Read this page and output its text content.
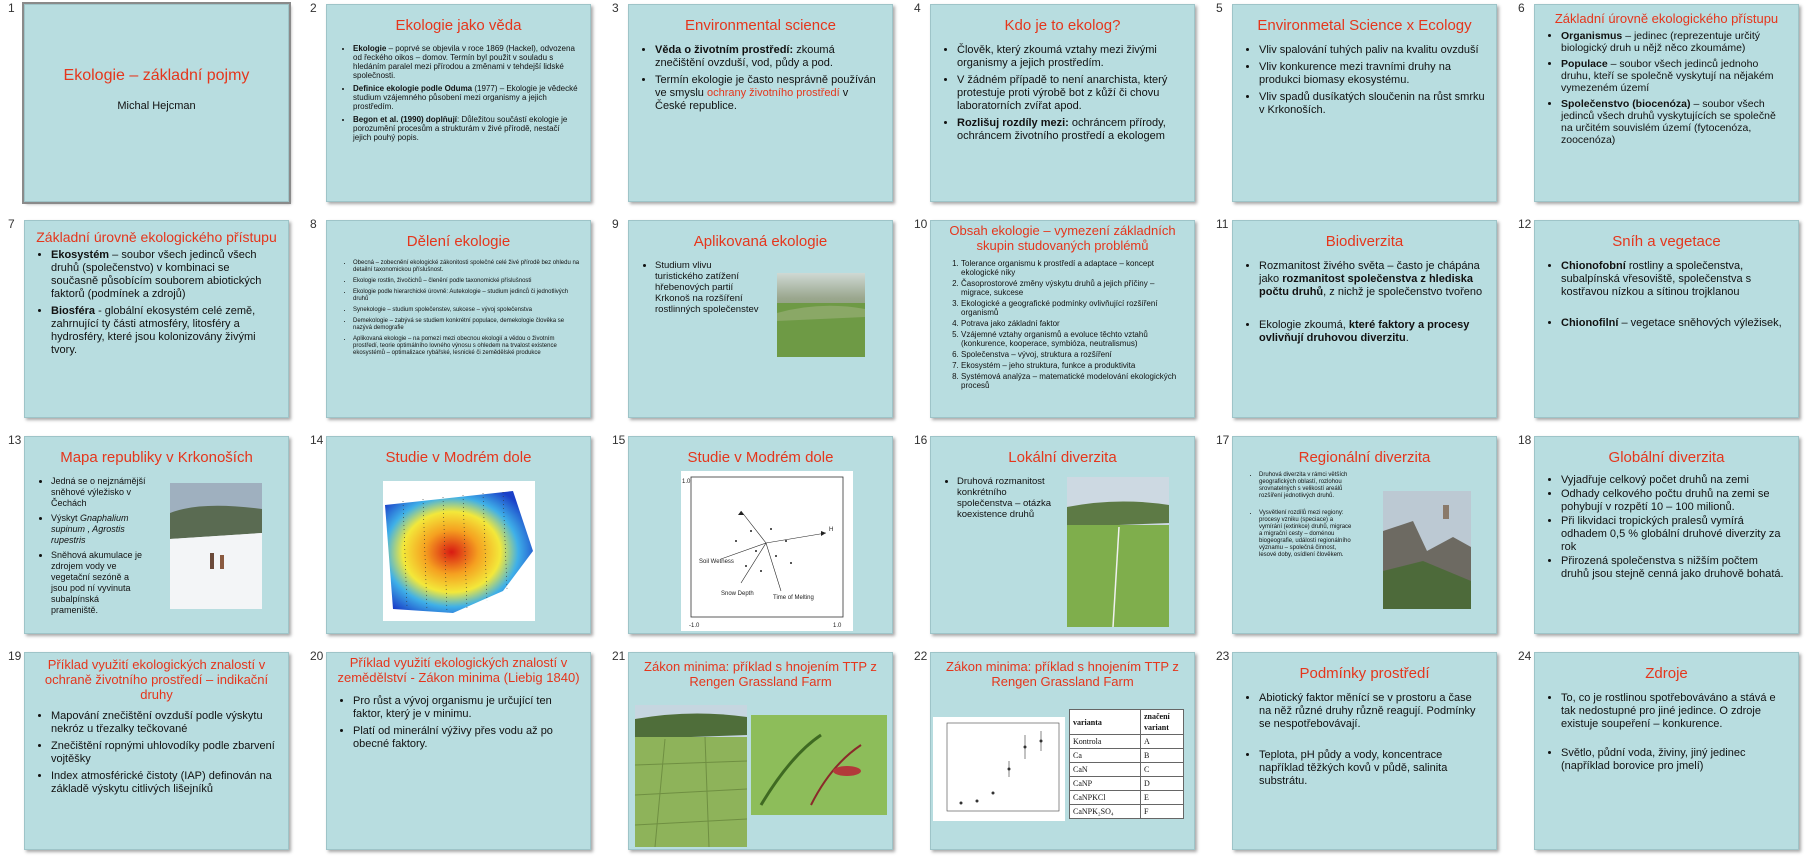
1
Ekologie – základní pojmy
Michal Hejcman
2
Ekologie jako věda
• Ekologie – poprvé se objevila v roce 1869 (Hackel), odvozena od řeckého oikos – domov. Termín byl použit v souladu s hledáním paralel mezi přírodou a změnami v tehdejší lidské společnosti.
• Definice ekologie podle Oduma (1977) – Ekologie je vědecké studium vzájemného působení mezi organismy a jejich prostředím.
• Begon et al. (1990) doplňují: Důležitou součástí ekologie je porozumění procesům a strukturám v živé přírodě, nestačí jejich pouhý popis.
3
Environmental science
• Věda o životním prostředí: zkoumá znečištění ovzduší, vod, půdy a pod.
• Termín ekologie je často nesprávně používán ve smyslu ochrany životního prostředí v České republice.
4
Kdo je to ekolog?
• Člověk, který zkoumá vztahy mezi živými organismy a jejich prostředím.
• V žádném případě to není anarchista, který protestuje proti výrobě bot z kůží či chovu laboratorních zvířat apod.
• Rozlišuj rozdíly mezi: ochráncem přírody, ochráncem životního prostředí a ekologem
5
Environmetal Science x Ecology
• Vliv spalování tuhých paliv na kvalitu ovzduší
• Vliv konkurence mezi travními druhy na produkci biomasy ekosystému.
• Vliv spadů dusíkatých sloučenin na růst smrku v Krkonoších.
6
Základní úrovně ekologického přístupu
• Organismus – jedinec (reprezentuje určitý biologický druh u nějž něco zkoumáme)
• Populace – soubor všech jedinců jednoho druhu, kteří se společně vyskytují na nějakém vymezeném území
• Společenstvo (biocenóza) – soubor všech jedinců všech druhů vyskytujících se společně na určitém souvislém území (fytocenóza, zoocenóza)
7
Základní úrovně ekologického přístupu
• Ekosystém – soubor všech jedinců všech druhů (společenstvo) v kombinaci se současně působícím souborem abiotických faktorů (podmínek a zdrojů)
• Biosféra - globální ekosystém celé země, zahrnující ty části atmosféry, litosféry a hydrosféry, které jsou kolonizovány živými tvory.
8
Dělení ekologie
• Obecná – zobecnění ekologické zákonitosti společné celé živé přírodě bez ohledu na detailní taxonomickou příslušnost.
• Ekologie rostlin, živočichů – členění podle taxonomické příslušnosti
• Ekologie podle hierarchické úrovně: Autekologie – studium jedinců či jednotlivých druhů
• Synekologie – studium společenstev, sukcese – vývoj společenstva
• Demekologie – zabývá se studiem konkrétní populace, demekologie člověka se nazývá demografie
• Aplikovaná ekologie – na pomezí mezi obecnou ekologií a vědou o životním prostředí, teorie optimálního lovného výnosu s ohledem na trvalost existence ekosystémů – optimalizace rybářské, lesnické či zemědělské produkce
9
Aplikovaná ekologie
• Studium vlivu turistického zatížení hřebenových partií Krkonoš na rozšíření rostlinných společenstev
10	Obsah ekologie – vymezení základních skupin studovaných problémů
1. Tolerance organismu k prostředí a adaptace – koncept ekologické niky
2. Časoprostorové změny výskytu druhů a jejich příčiny – migrace, sukcese
3. Ekologické a geografické podmínky ovlivňující rozšíření organismů
4. Potrava jako základní faktor
5. Vzájemné vztahy organismů a evoluce těchto vztahů (konkurence, kooperace, symbióza, neutralismus)
6. Společenstva – vývoj, struktura a rozšíření
7. Ekosystém – jeho struktura, funkce a produktivita
8. Systémová analýza – matematické modelování ekologických procesů
11
Biodiverzita
• Rozmanitost živého světa – často je chápána jako rozmanitost společenstva z hlediska počtu druhů, z nichž je společenstvo tvořeno
• Ekologie zkoumá, které faktory a procesy ovlivňují druhovou diverzitu.
12
Sníh a vegetace
• Chionofobní rostliny a společenstva, subalpínská vřesoviště, společenstva s kostřavou nízkou a sítinou trojklanou
• Chionofilní – vegetace sněhových výležisek,
13
Mapa republiky v Krkonoších
• Jedná se o nejznámější sněhové výležisko v Čechách
• Výskyt Gnaphalium supinum , Agrostis rupestris
• Sněhová akumulace je zdrojem vody ve vegetační sezóně a jsou pod ní vyvinuta subalpínská prameniště.
14
Studie v Modrém dole
15
Studie v Modrém dole
Snow Depth
Soil Wetness
Time of Melting
H
-1.0	1.0
1.0
16
Lokální diverzita
• Druhová rozmanitost konkrétního společenstva – otázka koexistence druhů
17
Regionální diverzita
• Druhová diverzita v rámci větších geografických oblastí, rozlohou srovnatelných s velikostí areálů rozšíření jednotlivých druhů.
• Vysvětlení rozdílů mezi regiony: procesy vzniku (speciace) a vymírání (extinkce) druhů, migrace a migrační cesty – doménou biogeografie, události regionálního významu – společná činnost, lesové doby, osídlení člověkem.
18
Globální diverzita
• Vyjadřuje celkový počet druhů na zemi
• Odhady celkového počtu druhů na zemi se pohybují v rozpětí 10 – 100 milionů.
• Při likvidaci tropických pralesů vymírá odhadem 0,5 % globální druhové diverzity za rok
• Přirozená společenstva s nižším počtem druhů jsou stejně cenná jako druhově bohatá.
19
Příklad využití ekologických znalostí v ochraně životního prostředí – indikační druhy
• Mapování znečištění ovzduší podle výskytu nekróz u třezalky tečkované
• Znečištění ropnými uhlovodíky podle zbarvení vojtěšky
• Index atmosférické čistoty (IAP) definován na základě výskytu citlivých lišejníků
20	Příklad využití ekologických znalostí v zemědělství - Zákon minima (Liebig 1840)
• Pro růst a vývoj organismu je určující ten faktor, který je v minimu.
• Platí od minerální výživy přes vodu až po obecné faktory.
21
Zákon minima: příklad s hnojením TTP z Rengen Grassland Farm
22
Zákon minima: příklad s hnojením TTP z Rengen Grassland Farm
varianta	značení variant
Kontrola	A
Ca	B
CaN	C
CaNP	D
CaNPKCl	E
CaNPK₂SO₄	F
23
Podmínky prostředí
• Abiotický faktor měnící se v prostoru a čase na něž různé druhy různě reagují. Podmínky se nespotřebovávají.
• Teplota, pH půdy a vody, koncentrace například těžkých kovů v půdě, salinita substrátu.
24
Zdroje
• To, co je rostlinou spotřebováváno a stává e tak nedostupné pro jiné jedince. O zdroje existuje soupeření – konkurence.
• Světlo, půdní voda, živiny, jiný jedinec (například borovice pro jmelí)
